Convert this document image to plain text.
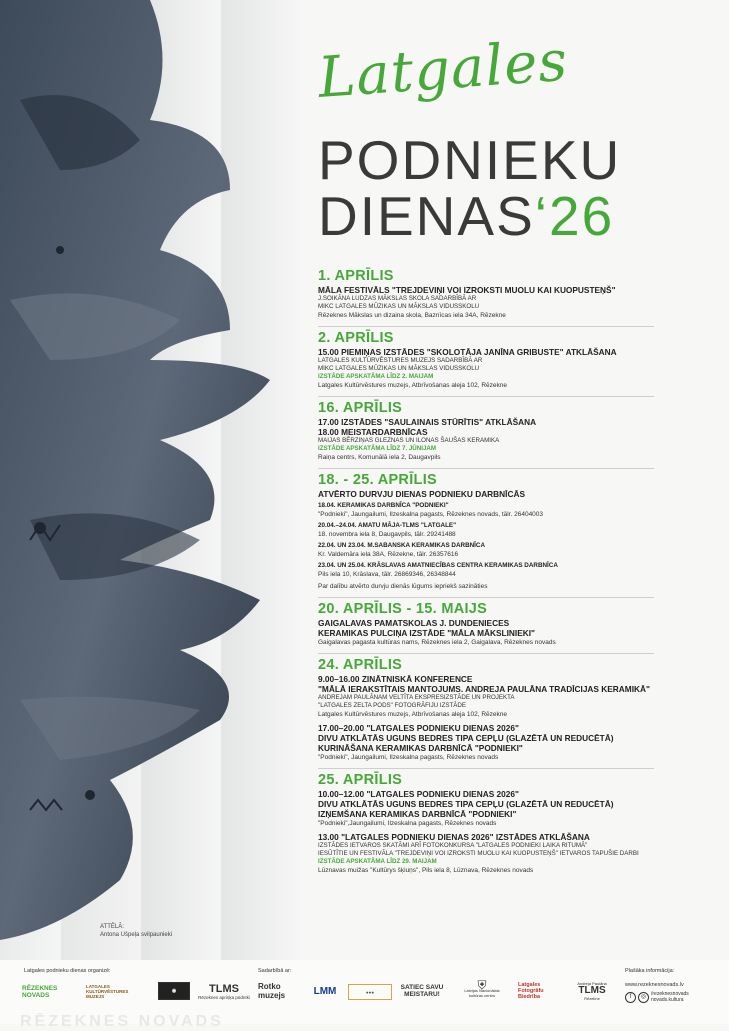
ATTĒLĀ:
Antona Ušpeļa svilpaunieki
Latgales
PODNIEKU
DIENAS‘26
1. APRĪLIS
MĀLA FESTIVĀLS "TREJDEVIŅI VOI IZROKSTI MUOLU KAI KUOPUSTEŅŠ"
J.SOIKĀNA LUDZAS MĀKSLAS SKOLA SADARBĪBĀ AR
MIKC LATGALES MŪZIKAS UN MĀKSLAS VIDUSSKOLU
Rēzeknes Mākslas un dizaina skola, Baznīcas iela 34A, Rēzekne
2. APRĪLIS
15.00 PIEMIŅAS IZSTĀDES "SKOLOTĀJA JANĪNA GRIBUSTE" ATKLĀŠANA
LATGALES KULTŪRVĒSTURES MUZEJS SADARBĪBĀ AR
MIKC LATGALES MŪZIKAS UN MĀKSLAS VIDUSSKOLU
IZSTĀDE APSKATĀMA LĪDZ 2. MAIJAM
Latgales Kultūrvēstures muzejs, Atbrīvošanas aleja 102, Rēzekne
16. APRĪLIS
17.00 IZSTĀDES "SAULAINAIS STŪRĪTIS" ATKLĀŠANA
18.00 MEISTARDARBNĪCAS
MAIJAS BĒRZIŅAS GLEZNAS UN ILONAS ŠAUŠAS KERAMIKA
IZSTĀDE APSKATĀMA LĪDZ 7. JŪNIJAM
Raiņa centrs, Komunālā iela 2, Daugavpils
18. - 25. APRĪLIS
ATVĒRTO DURVJU DIENAS PODNIEKU DARBNĪCĀS
18.04. KERAMIKAS DARBNĪCA "PODNIEKI"
"Podnieki", Jaungailumi, Ilzeskalna pagasts, Rēzeknes novads, tālr. 26404003
20.04.–24.04. AMATU MĀJA-TLMS "LATGALE"
18. novembra iela 8, Daugavpils, tālr. 29241488
22.04. UN 23.04. M.SABANSKA KERAMIKAS DARBNĪCA
Kr. Valdemāra iela 38A, Rēzekne, tālr. 26357616
23.04. UN 25.04. KRĀSLAVAS AMATNIECĪBAS CENTRA KERAMIKAS DARBNĪCA
Pils iela 10, Krāslava, tālr. 26869346, 26348844
Par dalību atvērto durvju dienās lūgums iepriekš sazināties
20. APRĪLIS - 15. MAIJS
GAIGALAVAS PAMATSKOLAS J. DUNDENIECES
KERAMIKAS PULCIŅA IZSTĀDE "MĀLA MĀKSLINIEKI"
Gaigalavas pagasta kultūras nams, Rēzeknes iela 2, Gaigalava, Rēzeknes novads
24. APRĪLIS
9.00–16.00 ZINĀTNISKĀ KONFERENCE
"MĀLĀ IERAKSTĪTAIS MANTOJUMS. ANDREJA PAULĀNA TRADĪCIJAS KERAMIKĀ"
ANDREJAM PAULĀNAM VELTĪTA EKSPRESIZSTĀDE UN PROJEKTA
"LATGALES ZELTA PODS" FOTOGRĀFIJU IZSTĀDE
Latgales Kultūrvēstures muzejs, Atbrīvošanas aleja 102, Rēzekne
17.00–20.00 "LATGALES PODNIEKU DIENAS 2026"
DIVU ATKLĀTĀS UGUNS BEDRES TIPA CEPĻU (GLAZĒTĀ UN REDUCĒTĀ)
KURINĀŠANA KERAMIKAS DARBNĪCĀ "PODNIEKI"
"Podnieki", Jaungailumi, Ilzeskalna pagasts, Rēzeknes novads
25. APRĪLIS
10.00–12.00 "LATGALES PODNIEKU DIENAS 2026"
DIVU ATKLĀTĀS UGUNS BEDRES TIPA CEPĻU (GLAZĒTĀ UN REDUCĒTĀ)
IZŅEMŠANA KERAMIKAS DARBNĪCĀ "PODNIEKI"
"Podnieki",Jaungailumi, Ilzeskalna pagasts, Rēzeknes novads
13.00 "LATGALES PODNIEKU DIENAS 2026" IZSTĀDES ATKLĀŠANA
IZSTĀDES IETVAROS SKATĀMI ARĪ FOTOKONKURSA "LATGALES PODNIEKI LAIKA RITUMĀ"
IESŪTĪTIE UN FESTIVĀLA "TREJDEVIŅI VOI IZROKSTI MUOLU KAI KUOPUSTEŅŠ" IETVAROS TAPUŠIE DARBI
IZSTĀDE APSKATĀMA LĪDZ 29. MAIJAM
Lūznavas muižas "Kultūrys šķiuņs", Pils iela 8, Lūznava, Rēzeknes novads
Latgales podnieku dienas organizē:	Sadarbībā ar:	Plašāka informācija:
RĒZEKNES NOVADS
LATGALES KULTŪRVĒSTURES MUZEJS
◉	TLMS
Rēzeknes apriņķa pūdnīki
Rotko muzejs	LMM	●●●
SATIEC SAVU MEISTARU!
⛨
Latvijas Nacionālais kultūras centrs
Latgales Fotogrāfu Biedrība
Andreja Paulāna
TLMS
Rēzekne
www.rezeknesnovads.lv
f	◎ /rezeknesnovads novads.kultura
RĒZEKNES NOVADS
